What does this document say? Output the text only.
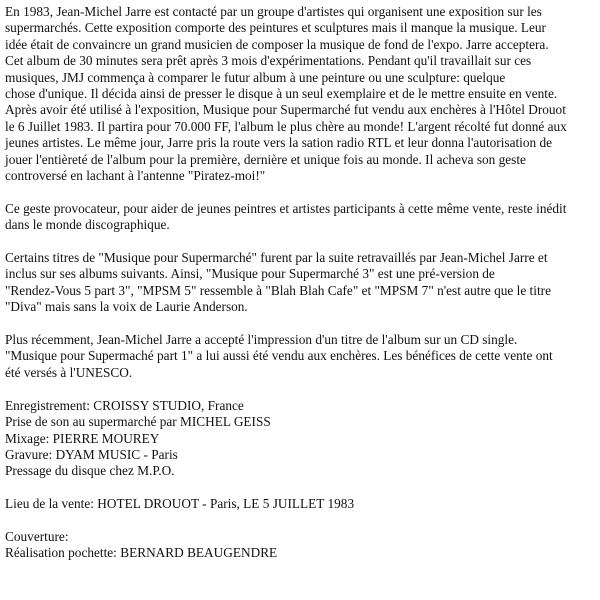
En 1983, Jean-Michel Jarre est contacté par un groupe d'artistes qui organisent une exposition sur les
supermarchés. Cette exposition comporte des peintures et sculptures mais il manque la musique. Leur
idée était de convaincre un grand musicien de composer la musique de fond de l'expo. Jarre acceptera.
Cet album de 30 minutes sera prêt après 3 mois d'expérimentations. Pendant qu'il travaillait sur ces
musiques, JMJ commença à comparer le futur album à une peinture ou une sculpture: quelque
chose d'unique. Il décida ainsi de presser le disque à un seul exemplaire et de le mettre ensuite en vente.
Après avoir été utilisé à l'exposition, Musique pour Supermarché fut vendu aux enchères à l'Hôtel Drouot
le 6 Juillet 1983. Il partira pour 70.000 FF, l'album le plus chère au monde! L'argent récolté fut donné aux
jeunes artistes. Le même jour, Jarre pris la route vers la sation radio RTL et leur donna l'autorisation de
jouer l'entièreté de l'album pour la première, dernière et unique fois au monde. Il acheva son geste
controversé en lachant à l'antenne "Piratez-moi!"
Ce geste provocateur, pour aider de jeunes peintres et artistes participants à cette même vente, reste inédit
dans le monde discographique.
Certains titres de "Musique pour Supermarché" furent par la suite retravaillés par Jean-Michel Jarre et
inclus sur ses albums suivants. Ainsi, "Musique pour Supermarché 3" est une pré-version de
"Rendez-Vous 5 part 3", "MPSM 5" ressemble à "Blah Blah Cafe" et "MPSM 7" n'est autre que le titre
"Diva" mais sans la voix de Laurie Anderson.
Plus récemment, Jean-Michel Jarre a accepté l'impression d'un titre de l'album sur un CD single.
"Musique pour Supermaché part 1" a lui aussi été vendu aux enchères. Les bénéfices de cette vente ont
été versés à l'UNESCO.
Enregistrement: CROISSY STUDIO, France
Prise de son au supermarché par MICHEL GEISS
Mixage: PIERRE MOUREY
Gravure: DYAM MUSIC - Paris
Pressage du disque chez M.P.O.
Lieu de la vente: HOTEL DROUOT - Paris, LE 5 JUILLET 1983
Couverture:
Réalisation pochette: BERNARD BEAUGENDRE
